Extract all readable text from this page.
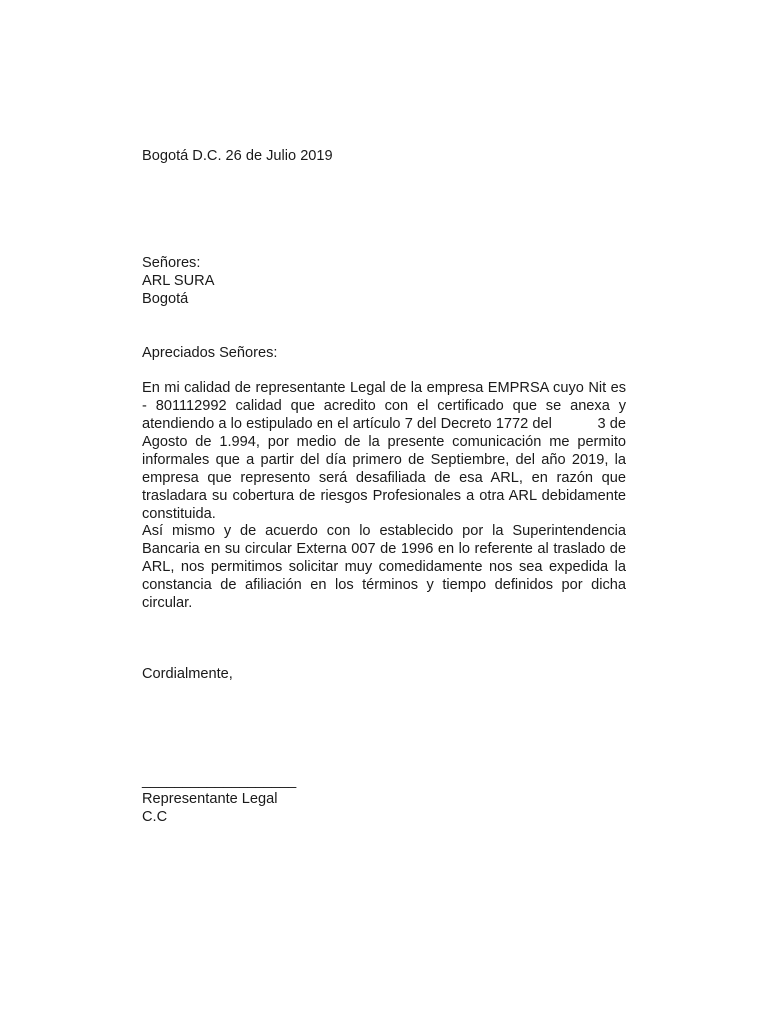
Bogotá D.C. 26 de Julio 2019
Señores:
ARL SURA
Bogotá
Apreciados Señores:
En mi calidad de representante Legal de la empresa EMPRSA cuyo Nit es - 801112992 calidad que acredito con el certificado que se anexa y atendiendo a lo estipulado en el artículo 7 del Decreto 1772 del	3 de Agosto de 1.994, por medio de la presente comunicación me permito informales que a partir del día primero de Septiembre, del año 2019, la empresa que represento será desafiliada de esa ARL, en razón que trasladara su cobertura de riesgos Profesionales a otra ARL debidamente constituida.
Así mismo y de acuerdo con lo establecido por la Superintendencia Bancaria en su circular Externa 007 de 1996 en lo referente al traslado de ARL, nos permitimos solicitar muy comedidamente nos sea expedida la constancia de afiliación en los términos y tiempo definidos por dicha circular.
Cordialmente,
___________________
Representante Legal
C.C
